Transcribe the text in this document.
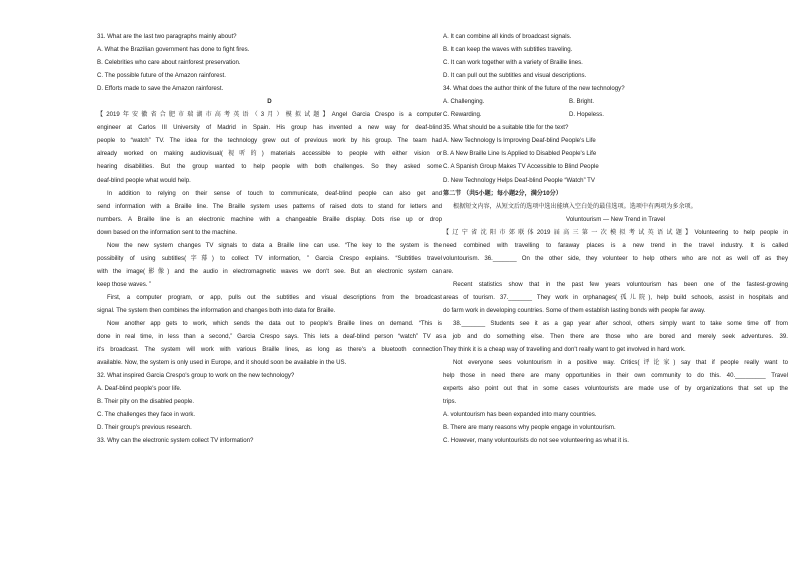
31. What are the last two paragraphs mainly about?
A. What the Brazilian government has done to fight fires.
B. Celebrities who care about rainforest preservation.
C. The possible future of the Amazon rainforest.
D. Efforts made to save the Amazon rainforest.
D
【2019年安徽省合肥市瑞湖市高考英语（3月）模拟试题】Angel Garcia Crespo is a computer
engineer at Carlos III University of Madrid in Spain. His group has invented a new way for deaf-blind
people to “watch” TV. The idea for the technology grew out of previous work by his group. The team had
already worked on making audiovisual(视听的) materials accessible to people with either vision or
hearing disabilities. But the group wanted to help people with both challenges. So they asked some
deaf-blind people what would help.
In addition to relying on their sense of touch to communicate, deaf-blind people can also get and
send information with a Braille line. The Braille system uses patterns of raised dots to stand for letters and
numbers. A Braille line is an electronic machine with a changeable Braille display. Dots rise up or drop
down based on the information sent to the machine.
Now the new system changes TV signals to data a Braille line can use. “The key to the system is the
possibility of using subtitles(字幕) to collect TV information, ” Garcia Crespo explains. “Subtitles travel
with the image(影像) and the audio in electromagnetic waves we don't see. But an electronic system can
keep those waves. ”
First, a computer program, or app, pulls out the subtitles and visual descriptions from the broadcast
signal. The system then combines the information and changes both into data for Braille.
Now another app gets to work, which sends the data out to people's Braille lines on demand. “This is
done in real time, in less than a second,” Garcia Crespo says. This lets a deaf-blind person “watch” TV as
it's broadcast. The system will work with various Braille lines, as long as there's a bluetooth connection
available. Now, the system is only used in Europe, and it should soon be available in the US.
32. What inspired Garcia Crespo's group to work on the new technology?
A. Deaf-blind people's poor life.
B. Their pity on the disabled people.
C. The challenges they face in work.
D. Their group's previous research.
33. Why can the electronic system collect TV information?
A. It can combine all kinds of broadcast signals.
B. It can keep the waves with subtitles traveling.
C. It can work together with a variety of Braille lines.
D. It can pull out the subtitles and visual descriptions.
34. What does the author think of the future of the new technology?
A. Challenging.	B. Bright.
C. Rewarding.	D. Hopeless.
35. What should be a suitable title for the text?
A. New Technology Is Improving Deaf-blind People's Life
B. A New Braille Line Is Applied to Disabled People's Life
C. A Spanish Group Makes TV Accessible to Blind People
D. New Technology Helps Deaf-blind People “Watch” TV
第二节 （共5小题；每小题2分，满分10分）
根据短文内容，从短文后的选项中选出能填入空白处的最佳选项。选项中有两项为多余项。
Voluntourism — New Trend in Travel
【辽宁省沈阳市郊联体2019届高三第一次模拟考试英语试题】Volunteering to help people in
need combined with travelling to faraway places is a new trend in the travel industry. It is called
voluntourism. 36._______ On the other side, they volunteer to help others who are not as well off as they
are.
Recent statistics show that in the past few years voluntourism has been one of the fastest-growing
areas of tourism. 37._______ They work in orphanages(孤儿院), help build schools, assist in hospitals and
do farm work in developing countries. Some of them establish lasting bonds with people far away.
38._______ Students see it as a gap year after school, others simply want to take some time off from
a job and do something else. Then there are those who are bored and merely seek adventures. 39.
They think it is a cheap way of travelling and don't really want to get involved in hard work.
Not everyone sees voluntourism in a positive way. Critics(评论家) say that if people really want to
help those in need there are many opportunities in their own community to do this. 40._________ Travel
experts also point out that in some cases voluntourists are made use of by organizations that set up the
trips.
A. voluntourism has been expanded into many countries.
B. There are many reasons why people engage in voluntourism.
C. However, many voluntourists do not see volunteering as what it is.
